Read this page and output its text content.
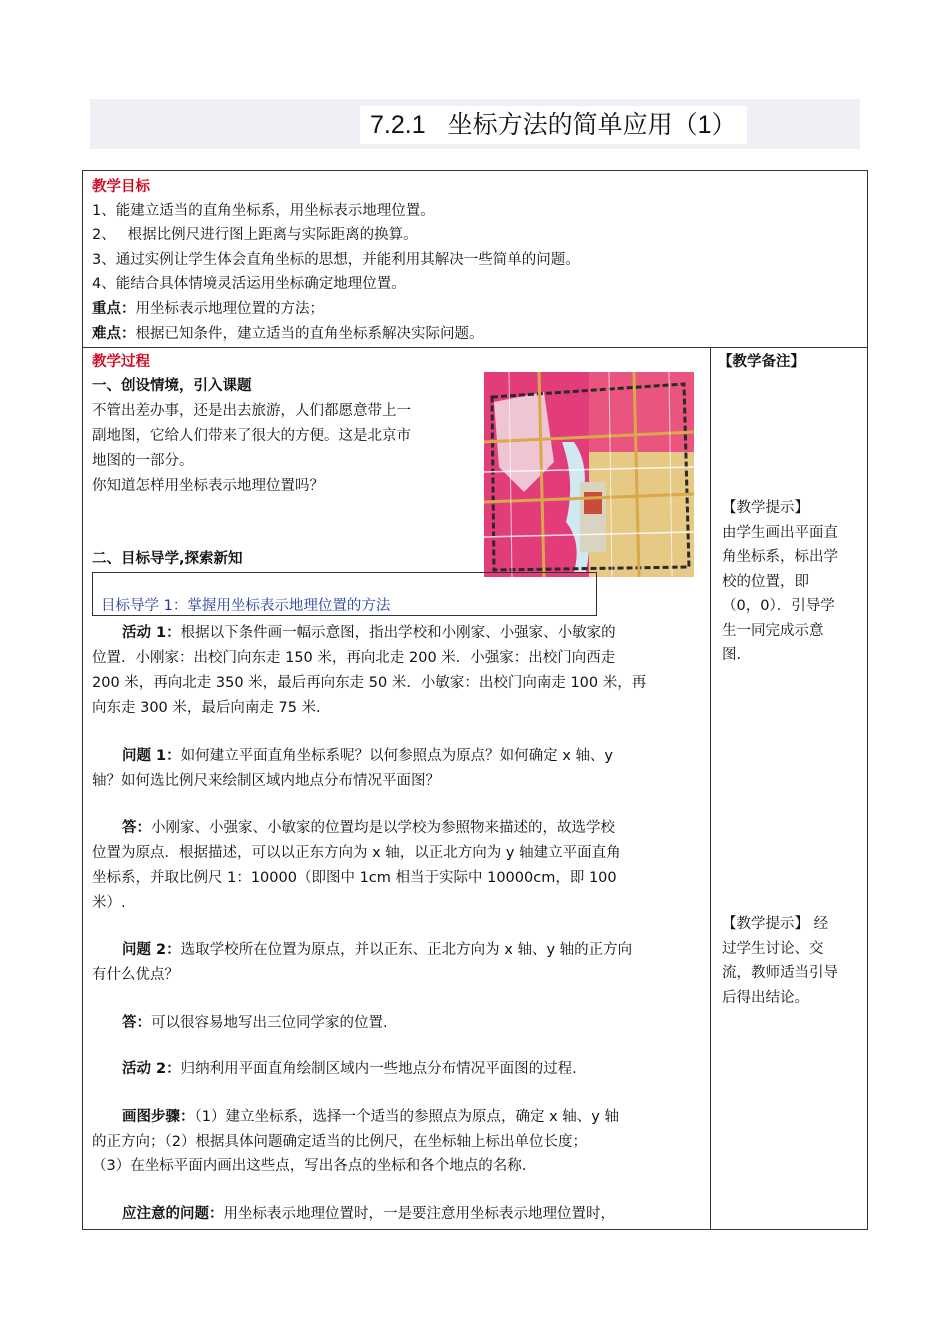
7.2.1 坐标方法的简单应用（1）
教学目标
1、能建立适当的直角坐标系，用坐标表示地理位置。
2、　 根据比例尺进行图上距离与实际距离的换算。
3、通过实例让学生体会直角坐标的思想，并能利用其解决一些简单的问题。
4、能结合具体情境灵活运用坐标确定地理位置。
重点：用坐标表示地理位置的方法；
难点：根据已知条件，建立适当的直角坐标系解决实际问题。
教学过程
一、创设情境，引入课题
不管出差办事，还是出去旅游，人们都愿意带上一
副地图，它给人们带来了很大的方便。这是北京市
地图的一部分。
你知道怎样用坐标表示地理位置吗？
二、目标导学,探索新知
目标导学 1：掌握用坐标表示地理位置的方法
活动 1：根据以下条件画一幅示意图，指出学校和小刚家、小强家、小敏家的
位置．小刚家：出校门向东走 150 米，再向北走 200 米．小强家：出校门向西走
200 米，再向北走 350 米，最后再向东走 50 米．小敏家：出校门向南走 100 米，再
向东走 300 米，最后向南走 75 米.
问题 1：如何建立平面直角坐标系呢？以何参照点为原点？如何确定 x 轴、y
轴？如何选比例尺来绘制区域内地点分布情况平面图？
答：小刚家、小强家、小敏家的位置均是以学校为参照物来描述的，故选学校
位置为原点．根据描述，可以以正东方向为 x 轴，以正北方向为 y 轴建立平面直角
坐标系，并取比例尺 1：10000（即图中 1cm 相当于实际中 10000cm，即 100
米）.
问题 2：选取学校所在位置为原点，并以正东、正北方向为 x 轴、y 轴的正方向
有什么优点？
答：可以很容易地写出三位同学家的位置.
活动 2：归纳利用平面直角绘制区域内一些地点分布情况平面图的过程.
画图步骤：（1）建立坐标系，选择一个适当的参照点为原点，确定 x 轴、y 轴
的正方向；（2）根据具体问题确定适当的比例尺，在坐标轴上标出单位长度；
（3）在坐标平面内画出这些点，写出各点的坐标和各个地点的名称.
应注意的问题：用坐标表示地理位置时，一是要注意用坐标表示地理位置时，
【教学备注】
【教学提示】
由学生画出平面直
角坐标系，标出学
校的位置，即
（0，0）．引导学
生一同完成示意
图.
【教学提示】 经
过学生讨论、交
流，教师适当引导
后得出结论。
